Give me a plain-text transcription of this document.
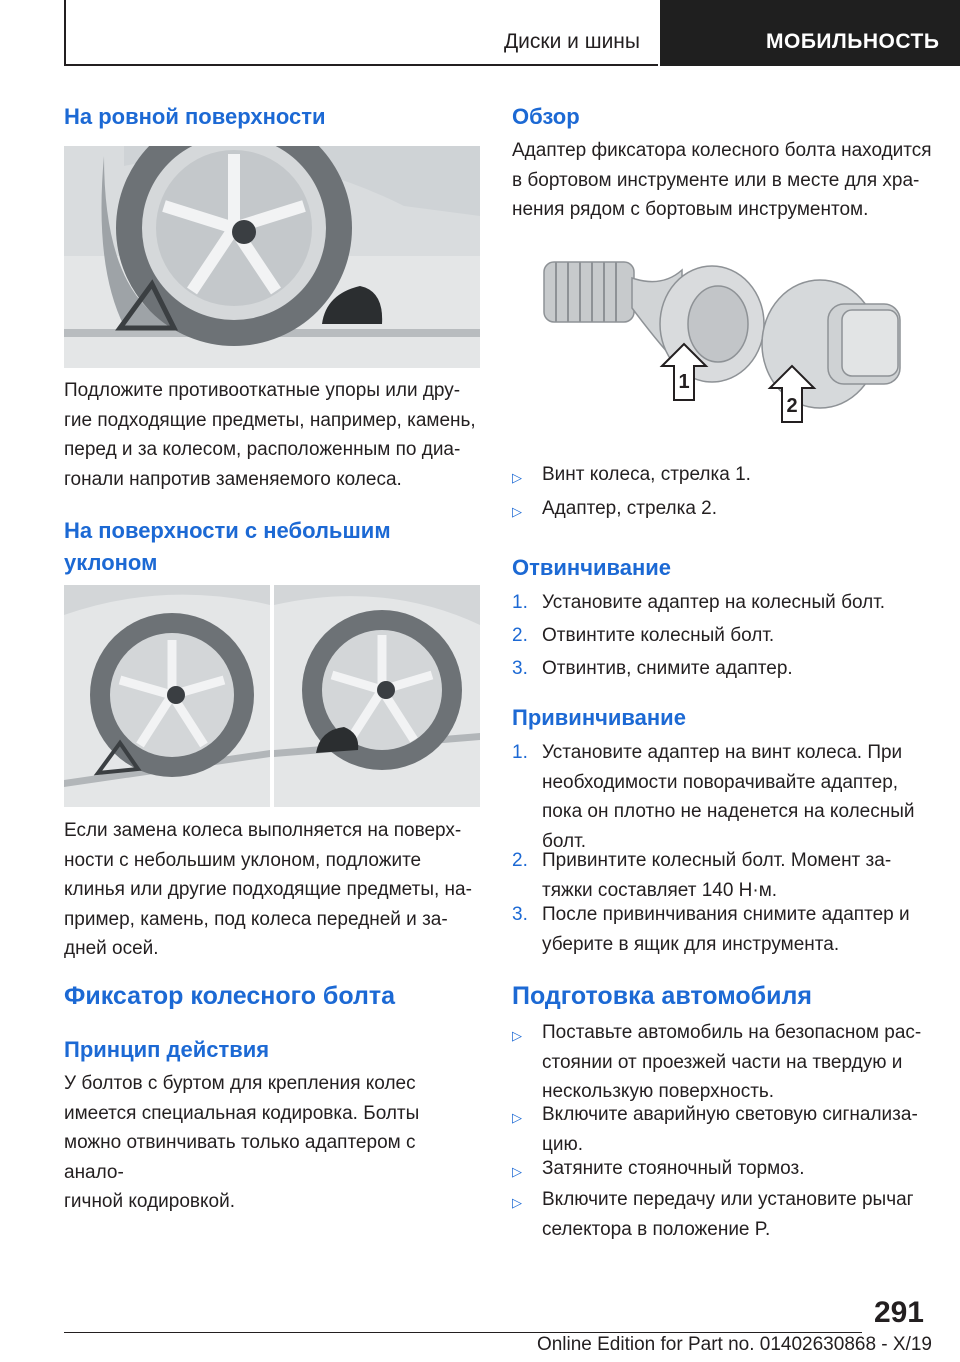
Диски и шины	МОБИЛЬНОСТЬ
На ровной поверхности
Подложите противооткатные упоры или дру-
гие подходящие предметы, например, камень,
перед и за колесом, расположенным по диа-
гонали напротив заменяемого колеса.
На поверхности с небольшим
уклоном
Если замена колеса выполняется на поверх-
ности с небольшим уклоном, подложите
клинья или другие подходящие предметы, на-
пример, камень, под колеса передней и за-
дней осей.
Фиксатор колесного болта
Принцип действия
У болтов с буртом для крепления колес
имеется специальная кодировка. Болты
можно отвинчивать только адаптером с анало-
гичной кодировкой.
Обзор
Адаптер фиксатора колесного болта находится
в бортовом инструменте или в месте для хра-
нения рядом с бортовым инструментом.
1
2
▷	Винт колеса, стрелка 1.
▷	Адаптер, стрелка 2.
Отвинчивание
1. Установите адаптер на колесный болт.
2. Отвинтите колесный болт.
3. Отвинтив, снимите адаптер.
Привинчивание
1. Установите адаптер на винт колеса. При
необходимости поворачивайте адаптер,
пока он плотно не наденется на колесный
болт.
2. Привинтите колесный болт. Момент за-
тяжки составляет 140 Н·м.
3. После привинчивания снимите адаптер и
уберите в ящик для инструмента.
Подготовка автомобиля
▷	Поставьте автомобиль на безопасном рас-
стоянии от проезжей части на твердую и
нескользкую поверхность.
▷	Включите аварийную световую сигнализа-
цию.
▷	Затяните стояночный тормоз.
▷	Включите передачу или установите рычаг
селектора в положение P.
291
Online Edition for Part no. 01402630868 - X/19
